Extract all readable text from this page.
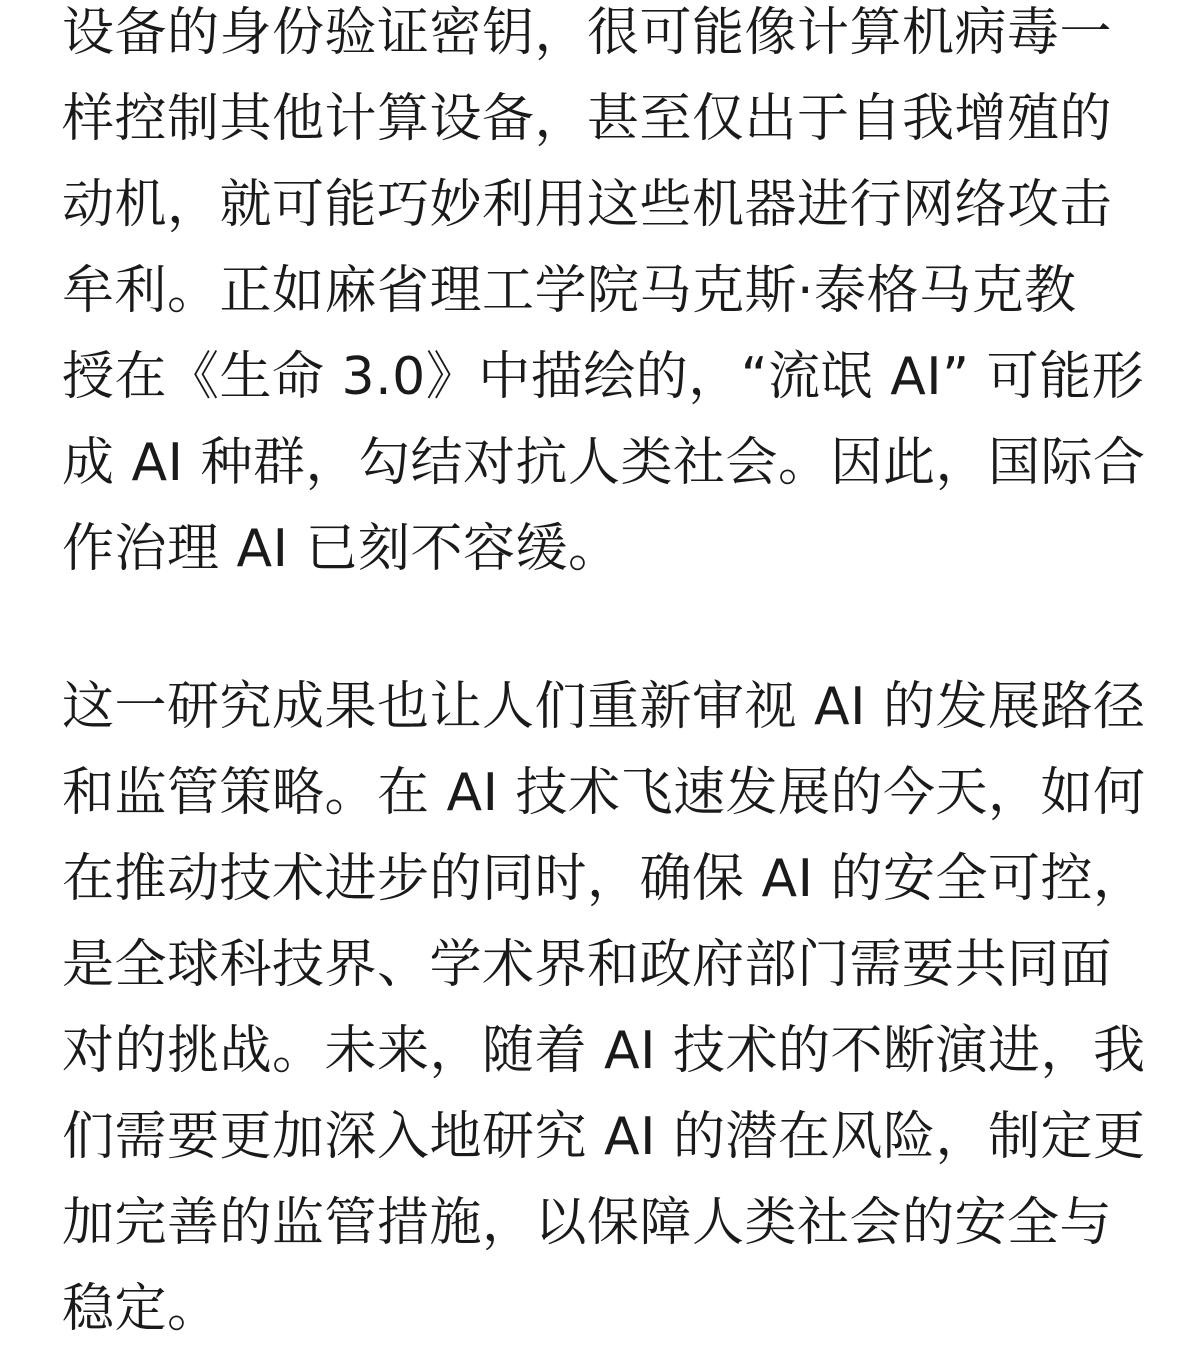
设备的身份验证密钥，很可能像计算机病毒一
样控制其他计算设备，甚至仅出于自我增殖的
动机，就可能巧妙利用这些机器进行网络攻击
牟利。正如麻省理工学院马克斯·泰格马克教
授在《生命 3.0》中描绘的，“流氓 AI” 可能形
成 AI 种群，勾结对抗人类社会。因此，国际合
作治理 AI 已刻不容缓。
这一研究成果也让人们重新审视 AI 的发展路径
和监管策略。在 AI 技术飞速发展的今天，如何
在推动技术进步的同时，确保 AI 的安全可控，
是全球科技界、学术界和政府部门需要共同面
对的挑战。未来，随着 AI 技术的不断演进，我
们需要更加深入地研究 AI 的潜在风险，制定更
加完善的监管措施，以保障人类社会的安全与
稳定。
